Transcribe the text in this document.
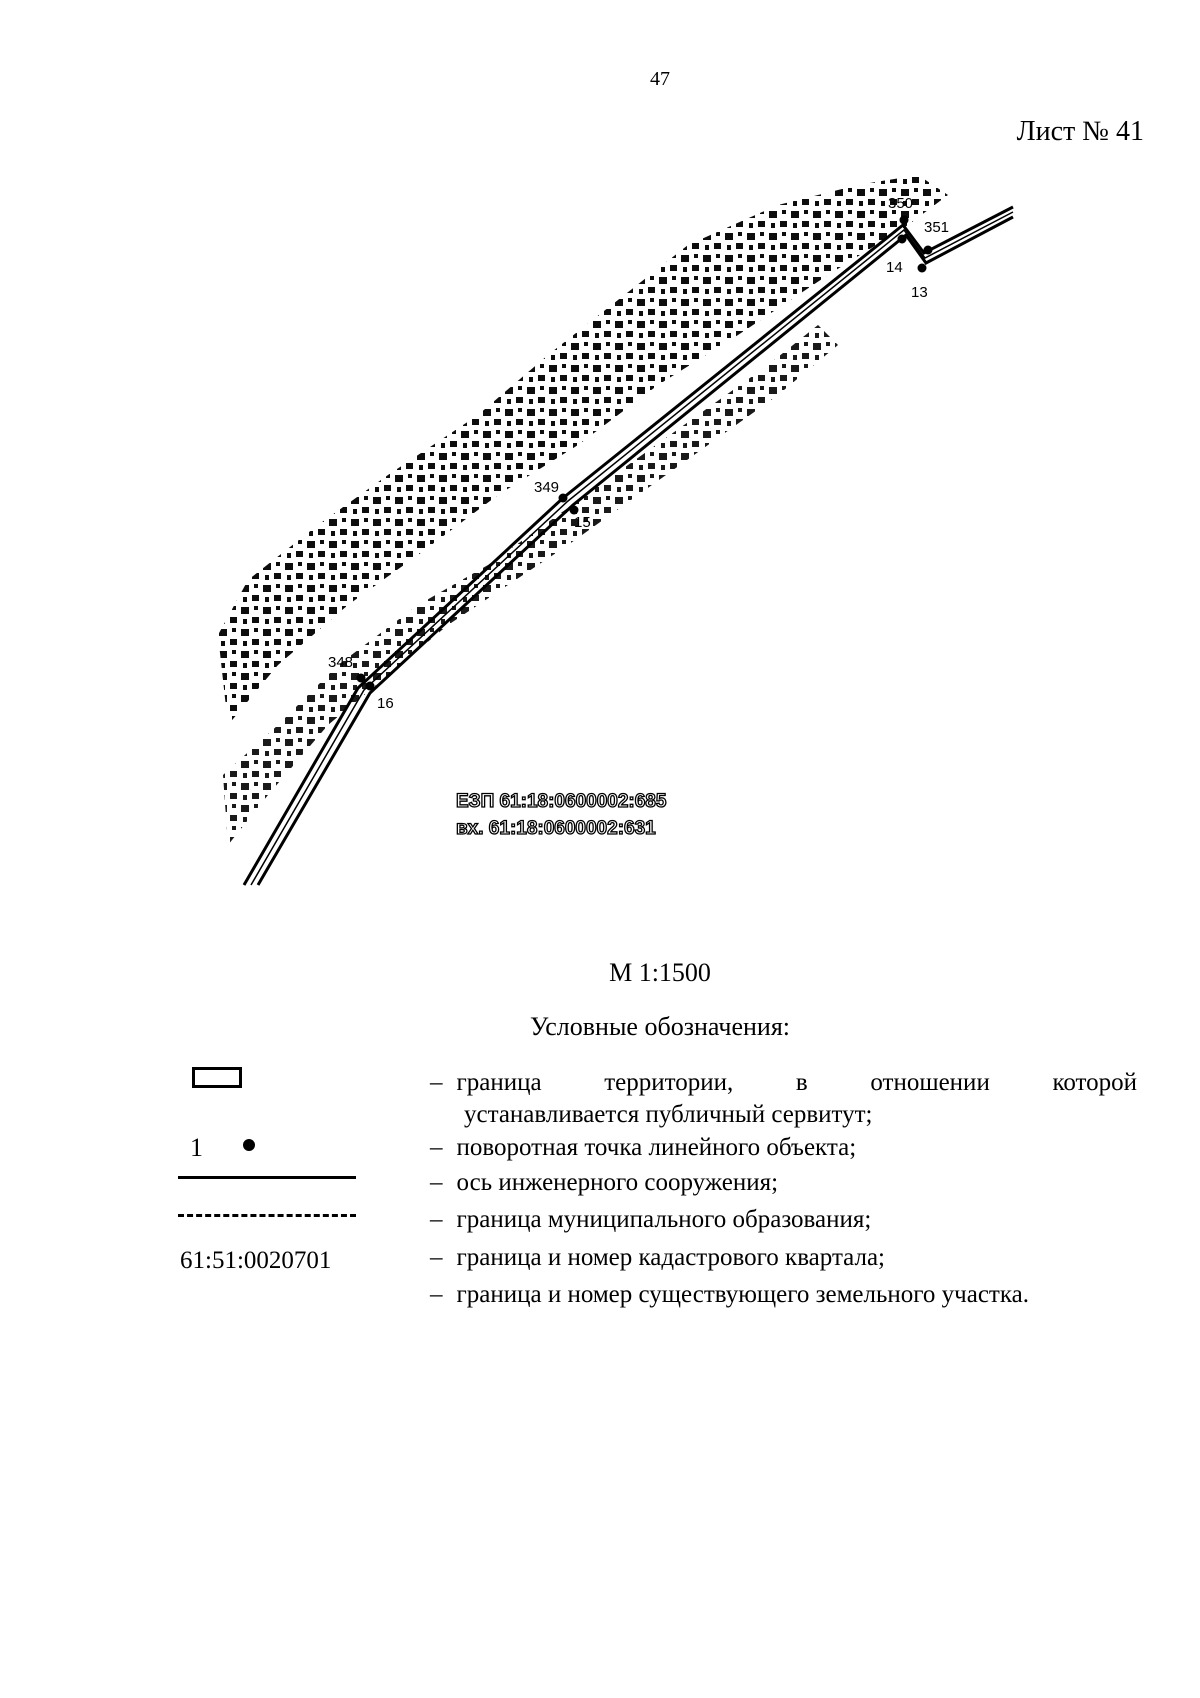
47
Лист № 41
350
351
14
13
349
15
348
16
ЕЗП 61:18:0600002:685
вх. 61:18:0600002:631
М 1:1500
Условные обозначения:
1
61:51:0020701
– граница территории, в отношении которой
устанавливается публичный сервитут;
– поворотная точка линейного объекта;
– ось инженерного сооружения;
– граница муниципального образования;
– граница и номер кадастрового квартала;
– граница и номер существующего земельного участка.
